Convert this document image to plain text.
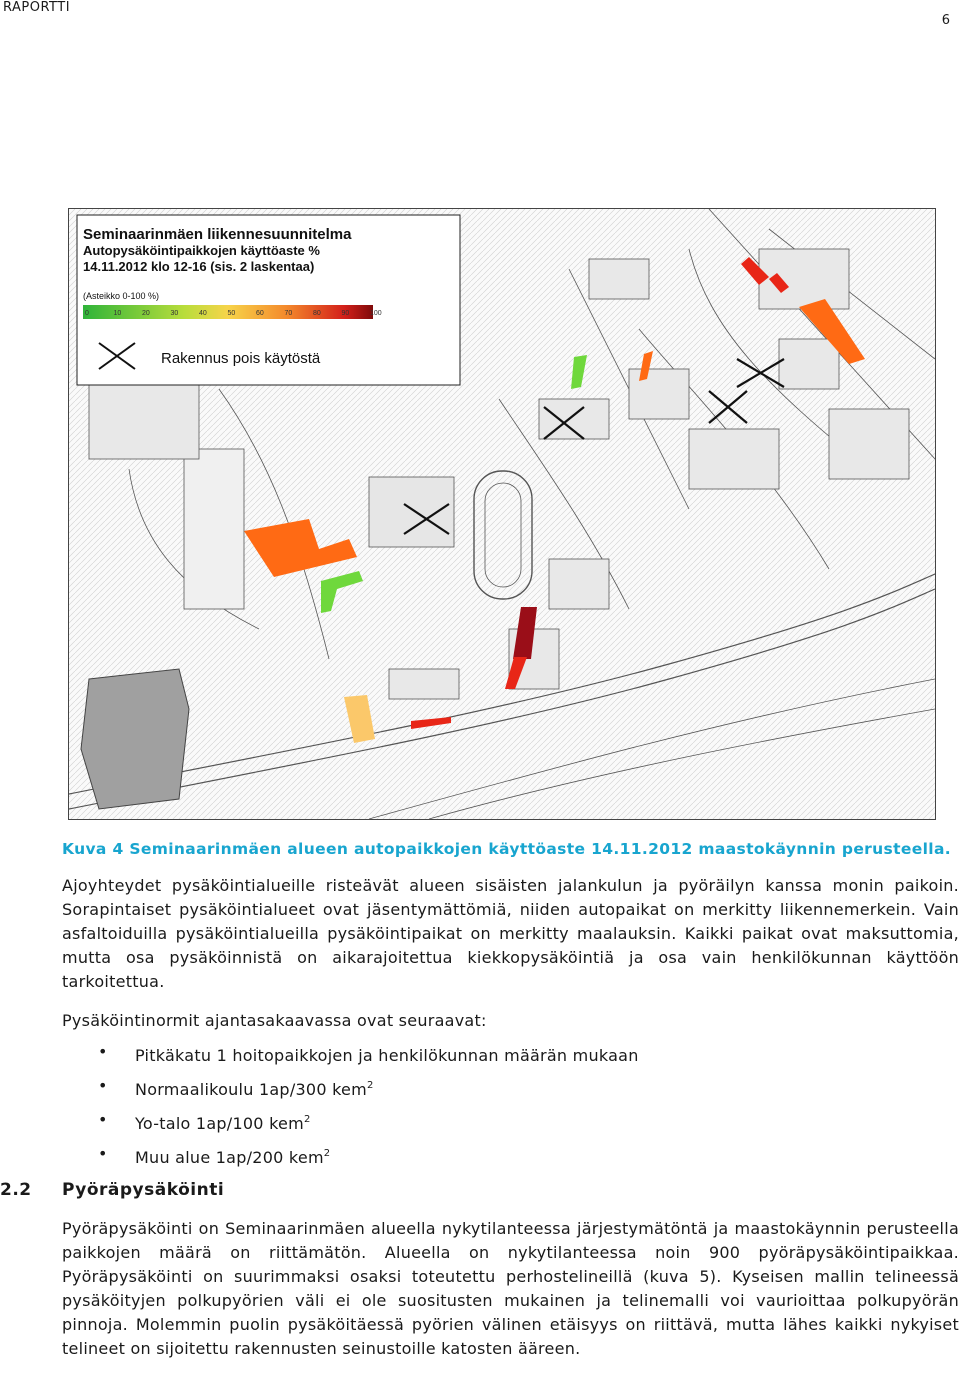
RAPORTTI
6
Seminaarinmäen liikennesuunnitelma
Autopysäköintipaikkojen käyttöaste %
14.11.2012 klo 12-16 (sis. 2 laskentaa)
(Asteikko 0-100 %)
0	10	20	30	40	50	60	70	80	90	100
Rakennus pois käytöstä
Kuva 4 Seminaarinmäen alueen autopaikkojen käyttöaste 14.11.2012 maastokäynnin perusteella.

Ajoyhteydet pysäköintialueille risteävät alueen sisäisten jalankulun ja pyöräilyn kanssa monin paikoin. Sorapintaiset pysäköintialueet ovat jäsentymättömiä, niiden autopaikat on merkitty liikennemerkein. Vain asfaltoiduilla pysäköintialueilla pysäköintipaikat on merkitty maalauksin. Kaikki paikat ovat maksuttomia, mutta osa pysäköinnistä on aikarajoitettua kiekkopysäköintiä ja osa vain henkilökunnan käyttöön tarkoitettua.

Pysäköintinormit ajantasakaavassa ovat seuraavat:

• Pitkäkatu 1 hoitopaikkojen ja henkilökunnan määrän mukaan
• Normaalikoulu 1ap/300 kem$^2$
• Yo-talo 1ap/100 kem$^2$
• Muu alue 1ap/200 kem$^2$
2.2	Pyöräpysäköinti

Pyöräpysäköinti on Seminaarinmäen alueella nykytilanteessa järjestymätöntä ja maastokäynnin perusteella paikkojen määrä on riittämätön. Alueella on nykytilanteessa noin 900 pyöräpysäköintipaikkaa. Pyöräpysäköinti on suurimmaksi osaksi toteutettu perhostelineillä (kuva 5). Kyseisen mallin telineessä pysäköityjen polkupyörien väli ei ole suositusten mukainen ja telinemalli voi vaurioittaa polkupyörän pinnoja. Molemmin puolin pysäköitäessä pyörien välinen etäisyys on riittävä, mutta lähes kaikki nykyiset telineet on sijoitettu rakennusten seinustoille katosten ääreen.
